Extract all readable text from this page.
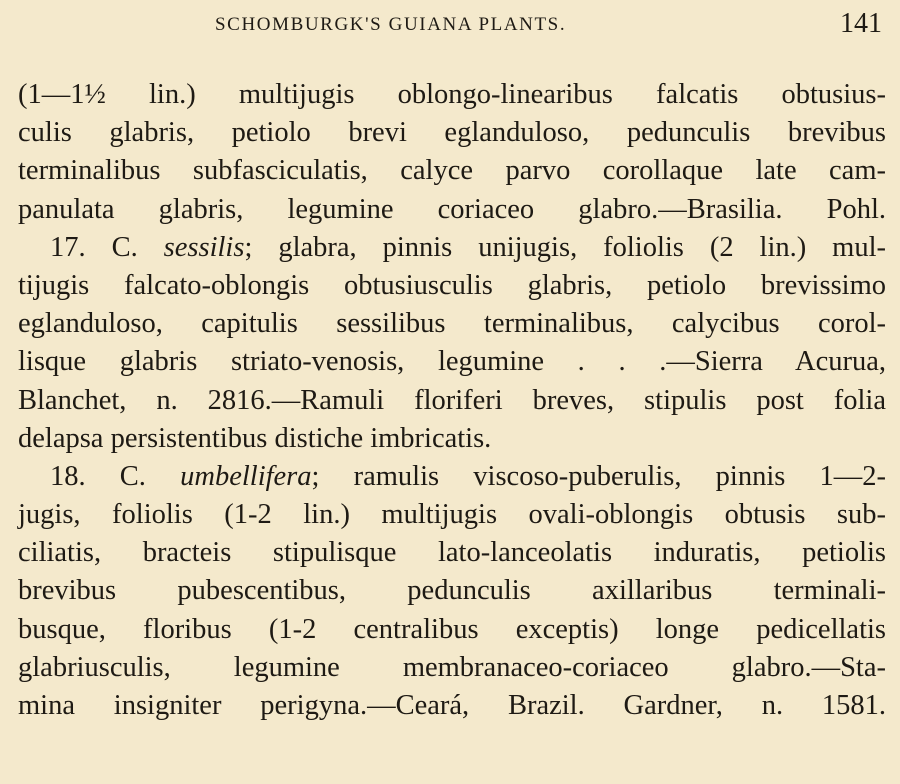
SCHOMBURGK'S GUIANA PLANTS.	141
(1—1½ lin.) multijugis oblongo-linearibus falcatis obtusius-
culis glabris, petiolo brevi eglanduloso, pedunculis brevibus
terminalibus subfasciculatis, calyce parvo corollaque late cam-
panulata glabris, legumine coriaceo glabro.—Brasilia. Pohl.
17. C. sessilis; glabra, pinnis unijugis, foliolis (2 lin.) mul-
tijugis falcato-oblongis obtusiusculis glabris, petiolo brevissimo
eglanduloso, capitulis sessilibus terminalibus, calycibus corol-
lisque glabris striato-venosis, legumine . . .—Sierra Acurua,
Blanchet, n. 2816.—Ramuli floriferi breves, stipulis post folia
delapsa persistentibus distiche imbricatis.
18. C. umbellifera; ramulis viscoso-puberulis, pinnis 1—2-
jugis, foliolis (1-2 lin.) multijugis ovali-oblongis obtusis sub-
ciliatis, bracteis stipulisque lato-lanceolatis induratis, petiolis
brevibus pubescentibus, pedunculis axillaribus terminali-
busque, floribus (1-2 centralibus exceptis) longe pedicellatis
glabriusculis, legumine membranaceo-coriaceo glabro.—Sta-
mina insigniter perigyna.—Ceará, Brazil. Gardner, n. 1581.
